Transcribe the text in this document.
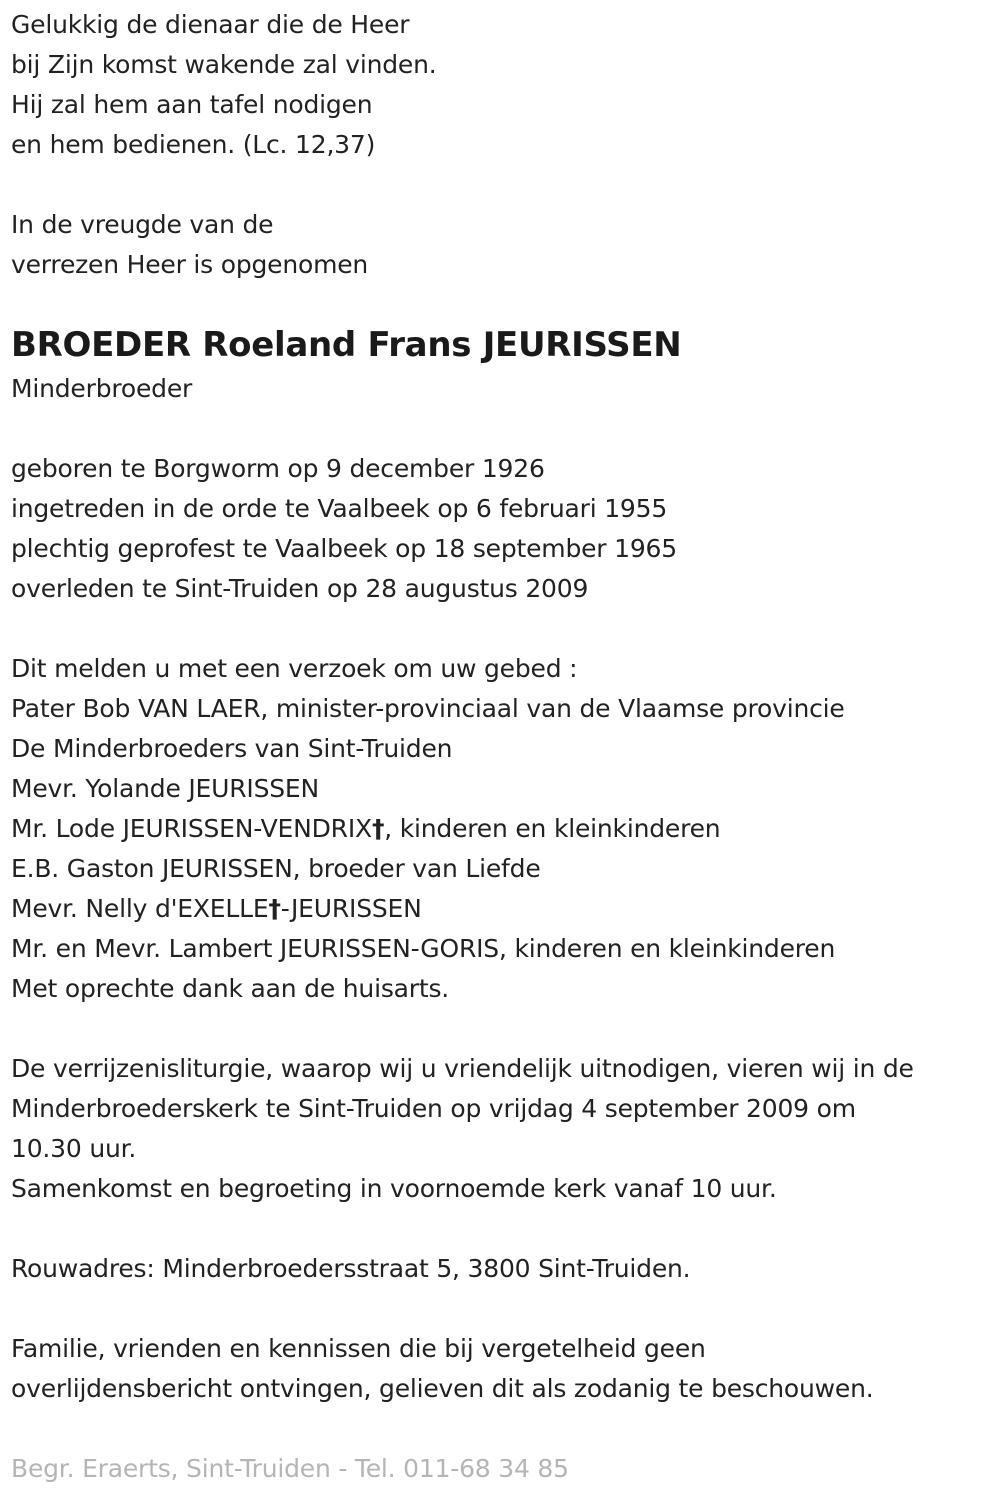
Gelukkig de dienaar die de Heer
bij Zijn komst wakende zal vinden.
Hij zal hem aan tafel nodigen
en hem bedienen. (Lc. 12,37)
In de vreugde van de
verrezen Heer is opgenomen
BROEDER Roeland Frans JEURISSEN
Minderbroeder
geboren te Borgworm op 9 december 1926
ingetreden in de orde te Vaalbeek op 6 februari 1955
plechtig geprofest te Vaalbeek op 18 september 1965
overleden te Sint-Truiden op 28 augustus 2009
Dit melden u met een verzoek om uw gebed :
Pater Bob VAN LAER, minister-provinciaal van de Vlaamse provincie
De Minderbroeders van Sint-Truiden
Mevr. Yolande JEURISSEN
Mr. Lode JEURISSEN-VENDRIX†, kinderen en kleinkinderen
E.B. Gaston JEURISSEN, broeder van Liefde
Mevr. Nelly d'EXELLE†-JEURISSEN
Mr. en Mevr. Lambert JEURISSEN-GORIS, kinderen en kleinkinderen
Met oprechte dank aan de huisarts.
De verrijzenisliturgie, waarop wij u vriendelijk uitnodigen, vieren wij in de
Minderbroederskerk te Sint-Truiden op vrijdag 4 september 2009 om
10.30 uur.
Samenkomst en begroeting in voornoemde kerk vanaf 10 uur.
Rouwadres: Minderbroedersstraat 5, 3800 Sint-Truiden.
Familie, vrienden en kennissen die bij vergetelheid geen
overlijdensbericht ontvingen, gelieven dit als zodanig te beschouwen.
Begr. Eraerts, Sint-Truiden - Tel. 011-68 34 85
